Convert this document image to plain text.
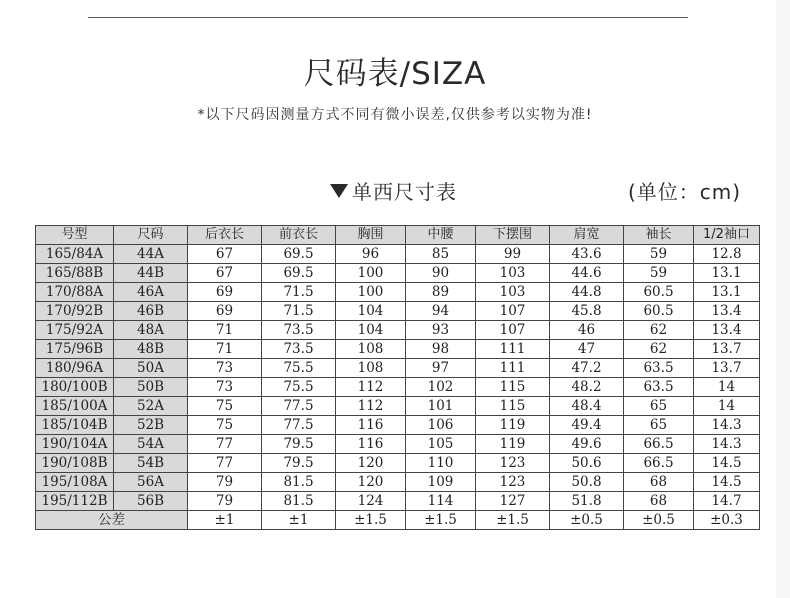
尺码表/SIZA
*以下尺码因测量方式不同有微小误差,仅供参考以实物为准!
单西尺寸表	(单位：cm)
号型	尺码	后衣长	前衣长	胸围	中腰	下摆围	肩宽	袖长	1/2袖口
165/84A	44A	67	69.5	96	85	99	43.6	59	12.8
165/88B	44B	67	69.5	100	90	103	44.6	59	13.1
170/88A	46A	69	71.5	100	89	103	44.8	60.5	13.1
170/92B	46B	69	71.5	104	94	107	45.8	60.5	13.4
175/92A	48A	71	73.5	104	93	107	46	62	13.4
175/96B	48B	71	73.5	108	98	111	47	62	13.7
180/96A	50A	73	75.5	108	97	111	47.2	63.5	13.7
180/100B	50B	73	75.5	112	102	115	48.2	63.5	14
185/100A	52A	75	77.5	112	101	115	48.4	65	14
185/104B	52B	75	77.5	116	106	119	49.4	65	14.3
190/104A	54A	77	79.5	116	105	119	49.6	66.5	14.3
190/108B	54B	77	79.5	120	110	123	50.6	66.5	14.5
195/108A	56A	79	81.5	120	109	123	50.8	68	14.5
195/112B	56B	79	81.5	124	114	127	51.8	68	14.7
公差		±1	±1	±1.5	±1.5	±1.5	±0.5	±0.5	±0.3
